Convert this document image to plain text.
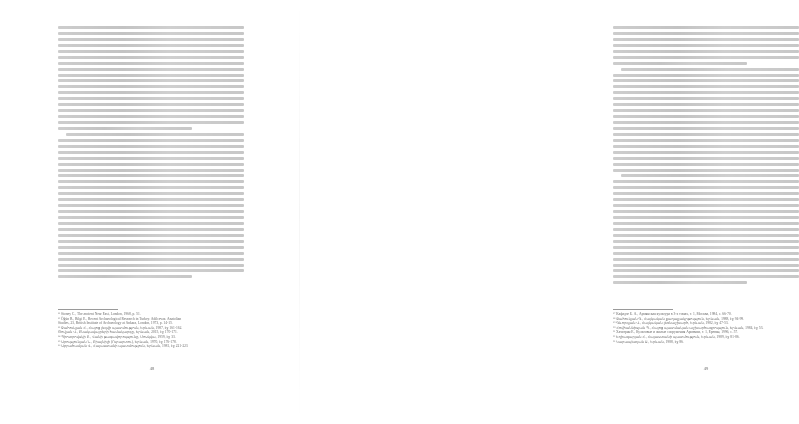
¹¹ Stoney C., The ancient Near East, London, 1968, p. 51.
¹² Öğün B., Bilgi E., Recent Archaeological Research in Turkey. Adilcevaz. Anatolian
Studies, 23, British Institute of Archaeology at Ankara, London, 1973, p. 14-15.
¹³ Ջահուկյան Հ., Հայոց լեզվի պատմություն, Երևան, 1987, էջ 161-162.
Ծովյան Վ., Բնակավայրերի համակարգը, Երևան, 2015, էջ 170-171.
¹⁴ Պիոտրովսկի Բ., Վանի թագավորությունը, Մոսկվա, 1959, էջ 33.
¹⁵ Արությունյան Ն., Բիայնիլի (Ուրարտու), Երևան, 1970, էջ 176-178.
¹⁶ Աբրահամյան Վ., Հայաստանի պատմություն, Երևան, 1981, էջ 221-223
48
¹⁷ Кафадзе Б. А., Армянская культура в 3-х томах, т. 1, Москва, 1984, с. 66-70.
¹⁸ Ջահուկյան Գ., Հայկական քաղաքակրթություն, Երևան, 1988, էջ 94-99.
¹⁹ Գևորգյան Վ., Հայկական լեռնաշխարհ, Երևան, 1982, էջ 47-53.
²⁰ Հովհաննիսյան Պ., Հայոց պատմական աշխարհագրություն, Երևան, 1984, էջ 53.
²¹ Хачатрян Е., Культовые и жилые сооружения Армении, т. 1, Ереван, 1996, с. 57.
²² Եղիազարյան Հ., Հայաստանի պատմություն, Երևան, 1989, էջ 81-86.
²³ Կարապետյան Ս., Երևան, 1988, էջ 86.
49
